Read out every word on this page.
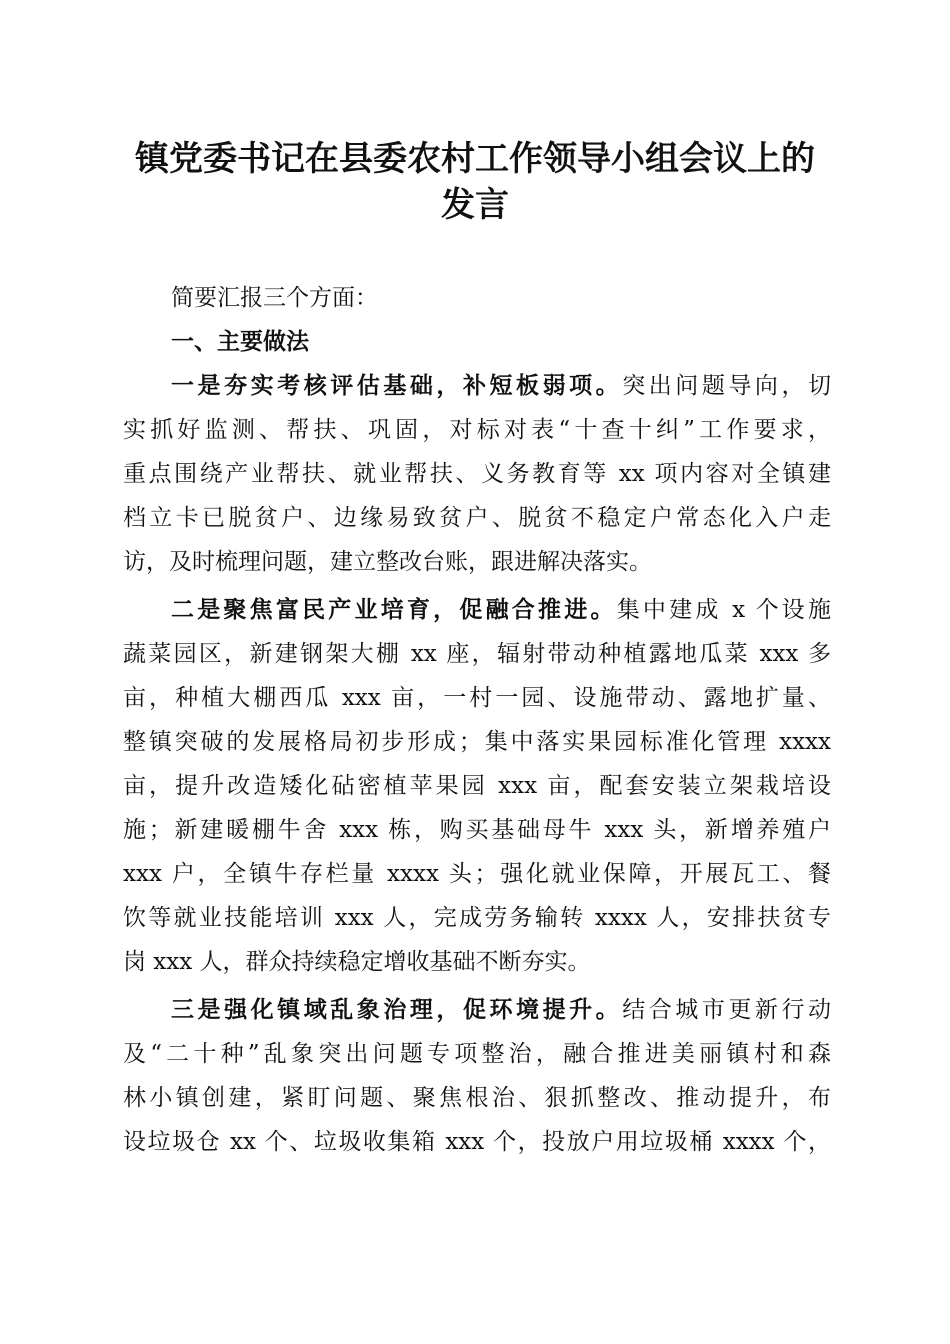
镇党委书记在县委农村工作领导小组会议上的
发言
简要汇报三个方面：
一、主要做法
一是夯实考核评估基础，补短板弱项。突出问题导向，切
实抓好监测、帮扶、巩固，对标对表“十查十纠”工作要求，
重点围绕产业帮扶、就业帮扶、义务教育等 xx 项内容对全镇建
档立卡已脱贫户、边缘易致贫户、脱贫不稳定户常态化入户走
访，及时梳理问题，建立整改台账，跟进解决落实。
二是聚焦富民产业培育，促融合推进。集中建成 x 个设施
蔬菜园区，新建钢架大棚 xx 座，辐射带动种植露地瓜菜 xxx 多
亩，种植大棚西瓜 xxx 亩，一村一园、设施带动、露地扩量、
整镇突破的发展格局初步形成；集中落实果园标准化管理 xxxx
亩，提升改造矮化砧密植苹果园 xxx 亩，配套安装立架栽培设
施；新建暖棚牛舍 xxx 栋，购买基础母牛 xxx 头，新增养殖户
xxx 户，全镇牛存栏量 xxxx 头；强化就业保障，开展瓦工、餐
饮等就业技能培训 xxx 人，完成劳务输转 xxxx 人，安排扶贫专
岗 xxx 人，群众持续稳定增收基础不断夯实。
三是强化镇域乱象治理，促环境提升。结合城市更新行动
及“二十种”乱象突出问题专项整治，融合推进美丽镇村和森
林小镇创建，紧盯问题、聚焦根治、狠抓整改、推动提升，布
设垃圾仓 xx 个、垃圾收集箱 xxx 个，投放户用垃圾桶 xxxx 个，
